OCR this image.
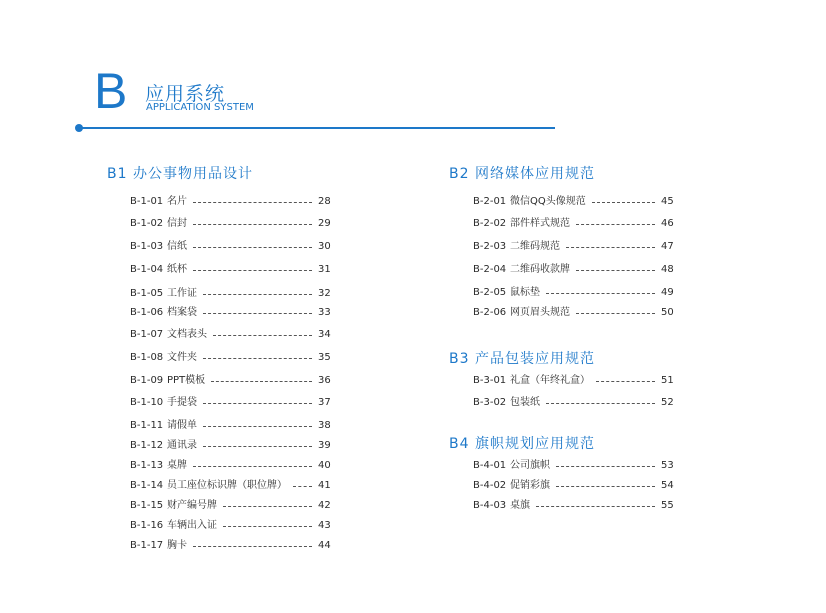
B 应用系统
APPLICATION SYSTEM
B1 办公事物用品设计
B-1-01 名片	28
B-1-02 信封	29
B-1-03 信纸	30
B-1-04 纸杯	31
B-1-05 工作证	32
B-1-06 档案袋	33
B-1-07 文档表头	34
B-1-08 文件夹	35
B-1-09 PPT模板	36
B-1-10 手提袋	37
B-1-11 请假单	38
B-1-12 通讯录	39
B-1-13 桌牌	40
B-1-14 员工座位标识牌（职位牌）	41
B-1-15 财产编号牌	42
B-1-16 车辆出入证	43
B-1-17 胸卡	44
B2 网络媒体应用规范
B-2-01 微信QQ头像规范	45
B-2-02 部件样式规范	46
B-2-03 二维码规范	47
B-2-04 二维码收款牌	48
B-2-05 鼠标垫	49
B-2-06 网页眉头规范	50
B3 产品包装应用规范
B-3-01 礼盒（年终礼盒）	51
B-3-02 包装纸	52
B4 旗帜规划应用规范
B-4-01 公司旗帜	53
B-4-02 促销彩旗	54
B-4-03 桌旗	55
